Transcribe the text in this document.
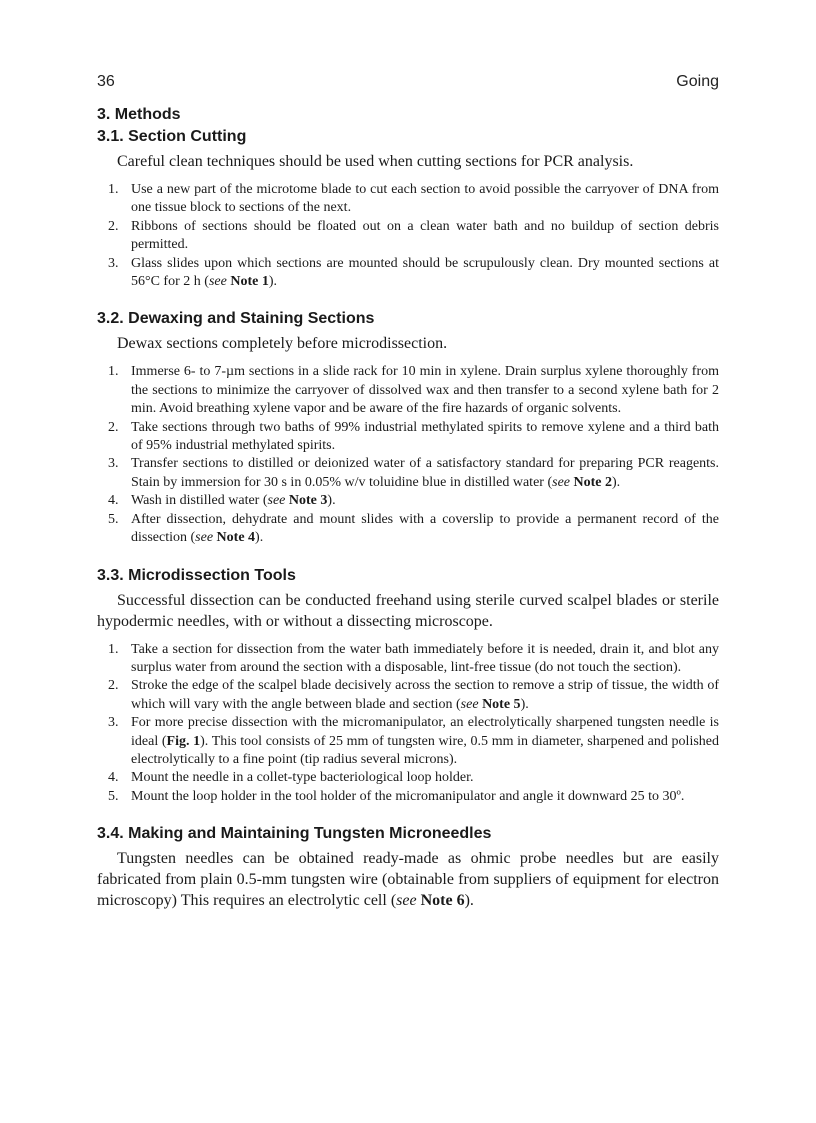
36	Going
3. Methods
3.1. Section Cutting

Careful clean techniques should be used when cutting sections for PCR analysis.

1. Use a new part of the microtome blade to cut each section to avoid possible the carryover of DNA from one tissue block to sections of the next.
2. Ribbons of sections should be floated out on a clean water bath and no buildup of section debris permitted.
3. Glass slides upon which sections are mounted should be scrupulously clean. Dry mounted sections at 56°C for 2 h (see Note 1).
3.2. Dewaxing and Staining Sections

Dewax sections completely before microdissection.

1. Immerse 6- to 7-µm sections in a slide rack for 10 min in xylene. Drain surplus xylene thoroughly from the sections to minimize the carryover of dissolved wax and then transfer to a second xylene bath for 2 min. Avoid breathing xylene vapor and be aware of the fire hazards of organic solvents.
2. Take sections through two baths of 99% industrial methylated spirits to remove xylene and a third bath of 95% industrial methylated spirits.
3. Transfer sections to distilled or deionized water of a satisfactory standard for preparing PCR reagents. Stain by immersion for 30 s in 0.05% w/v toluidine blue in distilled water (see Note 2).
4. Wash in distilled water (see Note 3).
5. After dissection, dehydrate and mount slides with a coverslip to provide a permanent record of the dissection (see Note 4).
3.3. Microdissection Tools

Successful dissection can be conducted freehand using sterile curved scalpel blades or sterile hypodermic needles, with or without a dissecting microscope.

1. Take a section for dissection from the water bath immediately before it is needed, drain it, and blot any surplus water from around the section with a disposable, lint-free tissue (do not touch the section).
2. Stroke the edge of the scalpel blade decisively across the section to remove a strip of tissue, the width of which will vary with the angle between blade and section (see Note 5).
3. For more precise dissection with the micromanipulator, an electrolytically sharpened tungsten needle is ideal (Fig. 1). This tool consists of 25 mm of tungsten wire, 0.5 mm in diameter, sharpened and polished electrolytically to a fine point (tip radius several microns).
4. Mount the needle in a collet-type bacteriological loop holder.
5. Mount the loop holder in the tool holder of the micromanipulator and angle it downward 25 to 30º.
3.4. Making and Maintaining Tungsten Microneedles

Tungsten needles can be obtained ready-made as ohmic probe needles but are easily fabricated from plain 0.5-mm tungsten wire (obtainable from suppliers of equipment for electron microscopy) This requires an electrolytic cell (see Note 6).
